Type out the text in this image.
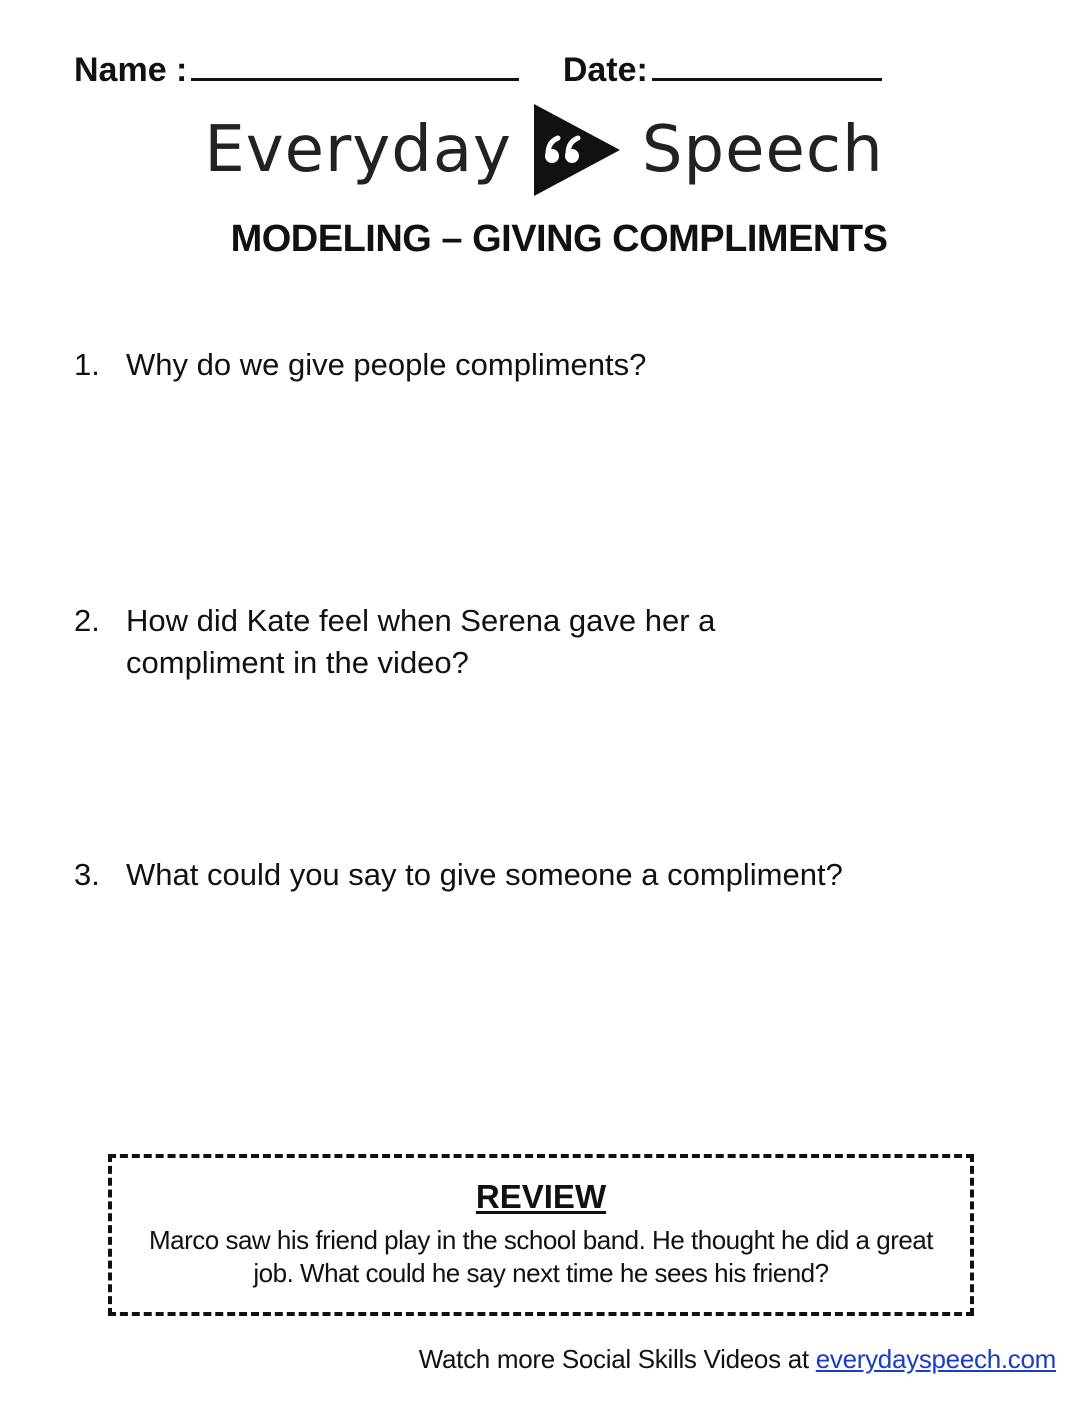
Name :	Date:
Everyday Speech
MODELING – GIVING COMPLIMENTS
1. Why do we give people compliments?
2. How did Kate feel when Serena gave her a compliment in the video?
3. What could you say to give someone a compliment?
REVIEW
Marco saw his friend play in the school band. He thought he did a great job. What could he say next time he sees his friend?
Watch more Social Skills Videos at everydayspeech.com
